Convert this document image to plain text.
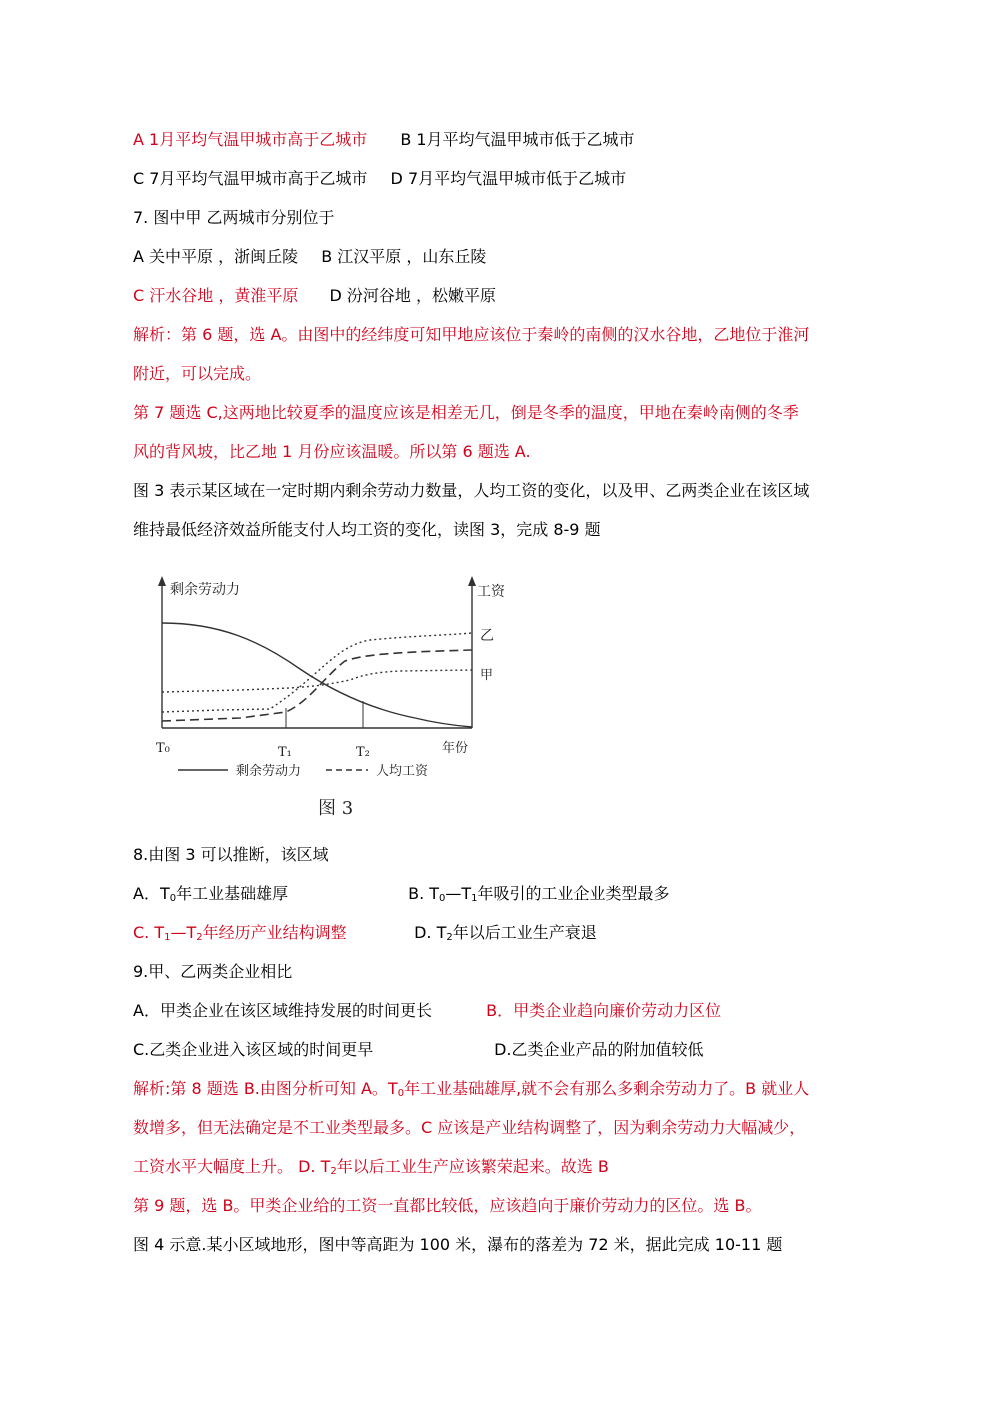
A 1月平均气温甲城市高于乙城市 B 1月平均气温甲城市低于乙城市
C 7月平均气温甲城市高于乙城市 D 7月平均气温甲城市低于乙城市
7. 图中甲 乙两城市分别位于
A 关中平原 ，浙闽丘陵 B 江汉平原 ，山东丘陵
C 汗水谷地 ，黄淮平原 D 汾河谷地 ，松嫩平原
解析：第 6 题，选 A。由图中的经纬度可知甲地应该位于秦岭的南侧的汉水谷地，乙地位于淮河
附近，可以完成。
第 7 题选 C,这两地比较夏季的温度应该是相差无几，倒是冬季的温度，甲地在秦岭南侧的冬季
风的背风坡，比乙地 1 月份应该温暖。所以第 6 题选 A.
图 3 表示某区域在一定时期内剩余劳动力数量，人均工资的变化，以及甲、乙两类企业在该区域
维持最低经济效益所能支付人均工资的变化，读图 3，完成 8-9 题
剩余劳动力	工资
年份
T₀	T₁	T₂
乙
甲
剩余劳动力	人均工资
图 3
8.由图 3 可以推断，该区域
A．$T_0$年工业基础雄厚	B. $T_0—T_1$年吸引的工业企业类型最多
C. $T_1—T_2$年经历产业结构调整	D. $T_2$年以后工业生产衰退
9.甲、乙两类企业相比
A．甲类企业在该区域维持发展的时间更长	B．甲类企业趋向廉价劳动力区位
C.乙类企业进入该区域的时间更早	D.乙类企业产品的附加值较低
解析:第 8 题选 B.由图分析可知 A。$T_0$年工业基础雄厚,就不会有那么多剩余劳动力了。B 就业人
数增多，但无法确定是不工业类型最多。C 应该是产业结构调整了，因为剩余劳动力大幅减少，
工资水平大幅度上升。 D. $T_2$年以后工业生产应该繁荣起来。故选 B
第 9 题，选 B。甲类企业给的工资一直都比较低，应该趋向于廉价劳动力的区位。选 B。
图 4 示意.某小区域地形，图中等高距为 100 米，瀑布的落差为 72 米，据此完成 10-11 题
